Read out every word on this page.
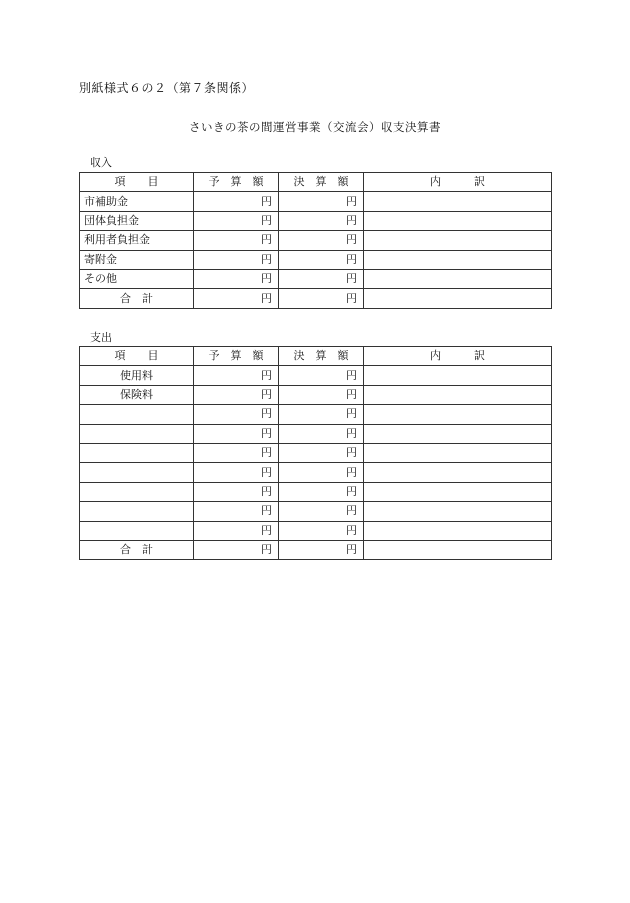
別紙様式６の２（第７条関係）
さいきの茶の間運営事業（交流会）収支決算書
収入
項　　目	予　算　額	決　算　額	内　　　訳
市補助金	円	円	
団体負担金	円	円	
利用者負担金	円	円	
寄附金	円	円	
その他	円	円	
合　計	円	円	
支出
項　　目	予　算　額	決　算　額	内　　　訳
使用料	円	円	
保険料	円	円	
	円	円	
	円	円	
	円	円	
	円	円	
	円	円	
	円	円	
	円	円	
合　計	円	円	
